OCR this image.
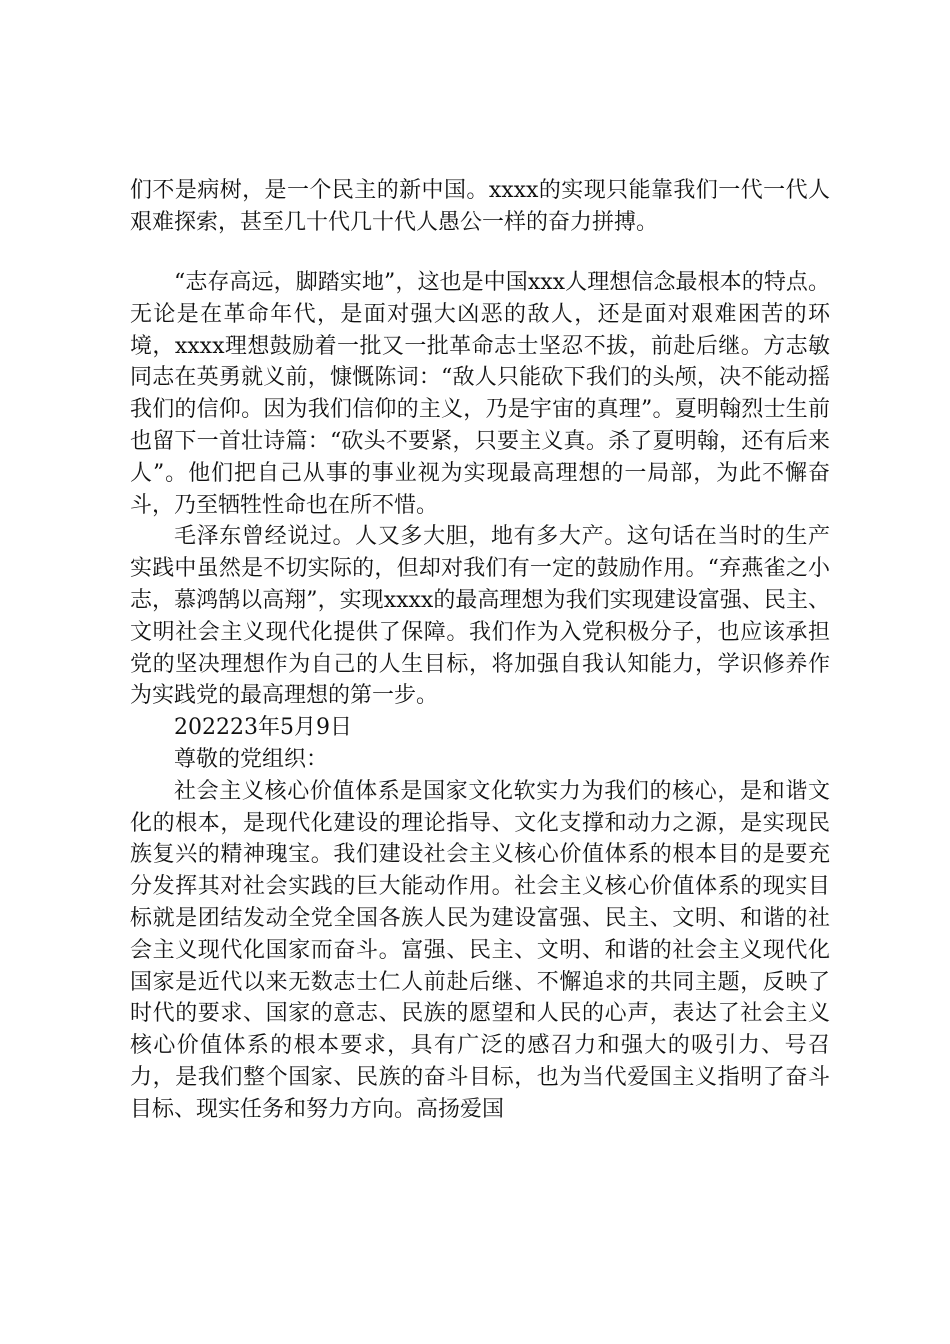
们不是病树，是一个民主的新中国。xxxx的实现只能靠我们一代一代人艰难探索，甚至几十代几十代人愚公一样的奋力拼搏。

“志存高远，脚踏实地”，这也是中国xxx人理想信念最根本的特点。无论是在革命年代，是面对强大凶恶的敌人，还是面对艰难困苦的环境，xxxx理想鼓励着一批又一批革命志士坚忍不拔，前赴后继。方志敏同志在英勇就义前，慷慨陈词：“敌人只能砍下我们的头颅，决不能动摇我们的信仰。因为我们信仰的主义，乃是宇宙的真理”。夏明翰烈士生前也留下一首壮诗篇：“砍头不要紧，只要主义真。杀了夏明翰，还有后来人”。他们把自己从事的事业视为实现最高理想的一局部，为此不懈奋斗，乃至牺牲性命也在所不惜。

毛泽东曾经说过。人又多大胆，地有多大产。这句话在当时的生产实践中虽然是不切实际的，但却对我们有一定的鼓励作用。“弃燕雀之小志，慕鸿鹄以高翔”，实现xxxx的最高理想为我们实现建设富强、民主、文明社会主义现代化提供了保障。我们作为入党积极分子，也应该承担党的坚决理想作为自己的人生目标，将加强自我认知能力，学识修养作为实践党的最高理想的第一步。

202223年5月9日

尊敬的党组织：

社会主义核心价值体系是国家文化软实力为我们的核心，是和谐文化的根本，是现代化建设的理论指导、文化支撑和动力之源，是实现民族复兴的精神瑰宝。我们建设社会主义核心价值体系的根本目的是要充分发挥其对社会实践的巨大能动作用。社会主义核心价值体系的现实目标就是团结发动全党全国各族人民为建设富强、民主、文明、和谐的社会主义现代化国家而奋斗。富强、民主、文明、和谐的社会主义现代化国家是近代以来无数志士仁人前赴后继、不懈追求的共同主题，反映了时代的要求、国家的意志、民族的愿望和人民的心声，表达了社会主义核心价值体系的根本要求，具有广泛的感召力和强大的吸引力、号召力，是我们整个国家、民族的奋斗目标，也为当代爱国主义指明了奋斗目标、现实任务和努力方向。高扬爱国
